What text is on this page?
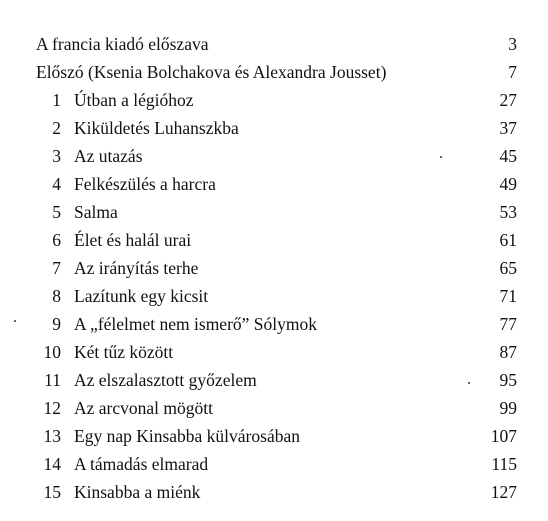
A francia kiadó előszava	3
Előszó (Ksenia Bolchakova és Alexandra Jousset)	7
1 Útban a légióhoz	27
2 Kiküldetés Luhanszkba	37
3 Az utazás	45
4 Felkészülés a harcra	49
5 Salma	53
6 Élet és halál urai	61
7 Az irányítás terhe	65
8 Lazítunk egy kicsit	71
9 A „félelmet nem ismerő” Sólymok	77
10 Két tűz között	87
11 Az elszalasztott győzelem	95
12 Az arcvonal mögött	99
13 Egy nap Kinsabba külvárosában	107
14 A támadás elmarad	115
15 Kinsabba a miénk	127
